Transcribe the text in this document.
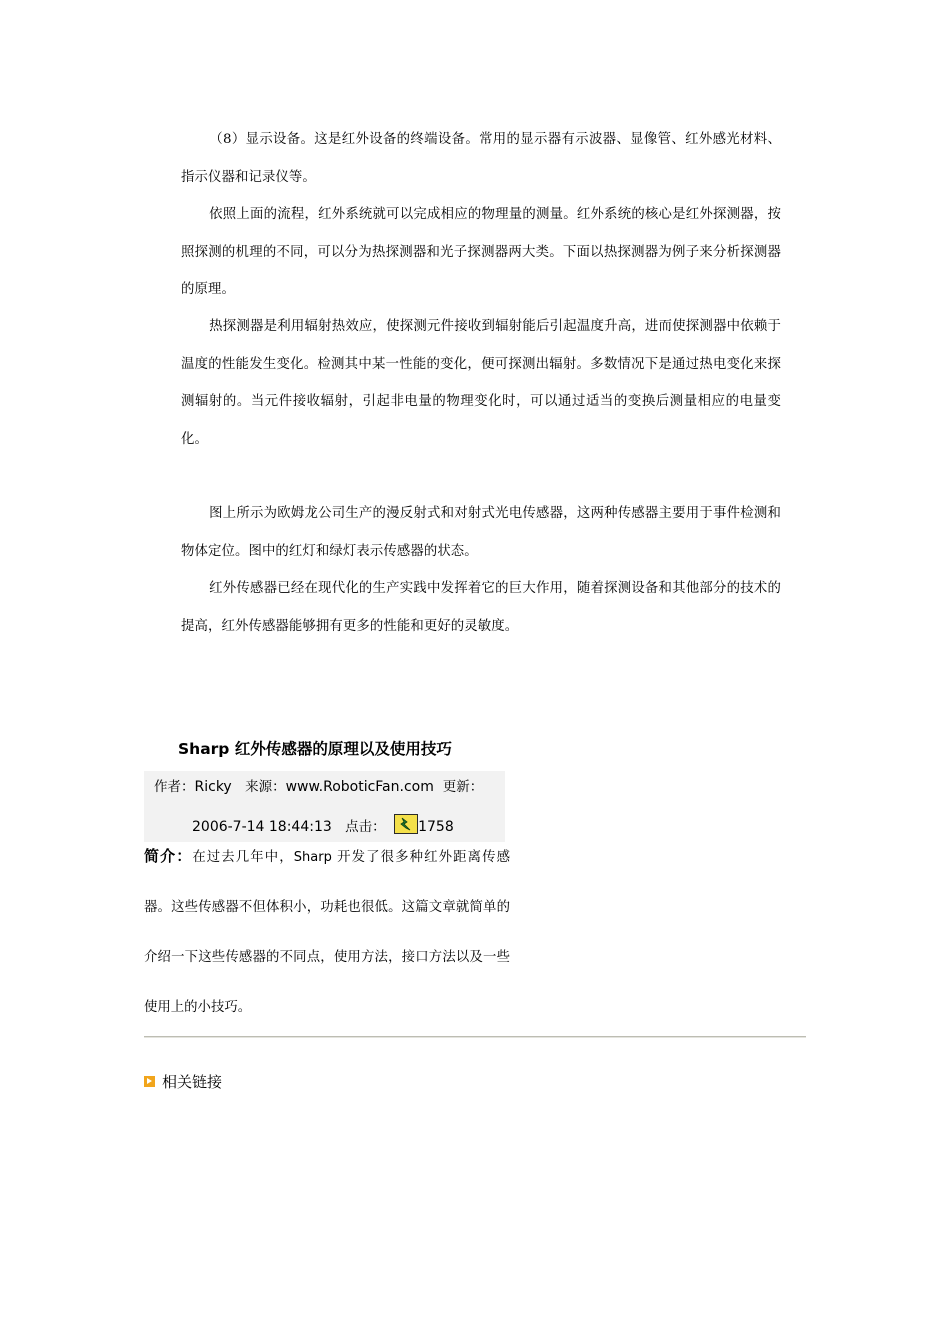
（8）显示设备。这是红外设备的终端设备。常用的显示器有示波器、显像管、红外感光材料、指示仪器和记录仪等。

依照上面的流程，红外系统就可以完成相应的物理量的测量。红外系统的核心是红外探测器，按照探测的机理的不同，可以分为热探测器和光子探测器两大类。下面以热探测器为例子来分析探测器的原理。

热探测器是利用辐射热效应，使探测元件接收到辐射能后引起温度升高，进而使探测器中依赖于温度的性能发生变化。检测其中某一性能的变化，便可探测出辐射。多数情况下是通过热电变化来探测辐射的。当元件接收辐射，引起非电量的物理变化时，可以通过适当的变换后测量相应的电量变化。

图上所示为欧姆龙公司生产的漫反射式和对射式光电传感器，这两种传感器主要用于事件检测和物体定位。图中的红灯和绿灯表示传感器的状态。

红外传感器已经在现代化的生产实践中发挥着它的巨大作用，随着探测设备和其他部分的技术的提高，红外传感器能够拥有更多的性能和更好的灵敏度。

Sharp 红外传感器的原理以及使用技巧
作者：Ricky 来源：www.RoboticFan.com 更新：
2006-7-14 18:44:13 点击： 1758

简介：在过去几年中，Sharp 开发了很多种红外距离传感器。这些传感器不但体积小，功耗也很低。这篇文章就简单的介绍一下这些传感器的不同点，使用方法，接口方法以及一些使用上的小技巧。

相关链接
